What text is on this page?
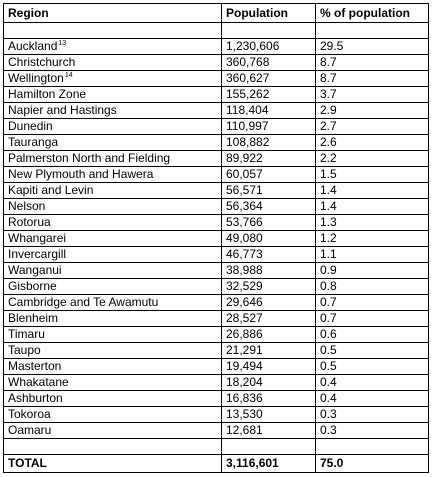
Region	Population	% of population

Auckland$^{13}$	1,230,606	29.5
Christchurch	360,768	8.7
Wellington$^{14}$	360,627	8.7
Hamilton Zone	155,262	3.7
Napier and Hastings	118,404	2.9
Dunedin	110,997	2.7
Tauranga	108,882	2.6
Palmerston North and Fielding	89,922	2.2
New Plymouth and Hawera	60,057	1.5
Kapiti and Levin	56,571	1.4
Nelson	56,364	1.4
Rotorua	53,766	1.3
Whangarei	49,080	1.2
Invercargill	46,773	1.1
Wanganui	38,988	0.9
Gisborne	32,529	0.8
Cambridge and Te Awamutu	29,646	0.7
Blenheim	28,527	0.7
Timaru	26,886	0.6
Taupo	21,291	0.5
Masterton	19,494	0.5
Whakatane	18,204	0.4
Ashburton	16,836	0.4
Tokoroa	13,530	0.3
Oamaru	12,681	0.3

TOTAL	3,116,601	75.0
